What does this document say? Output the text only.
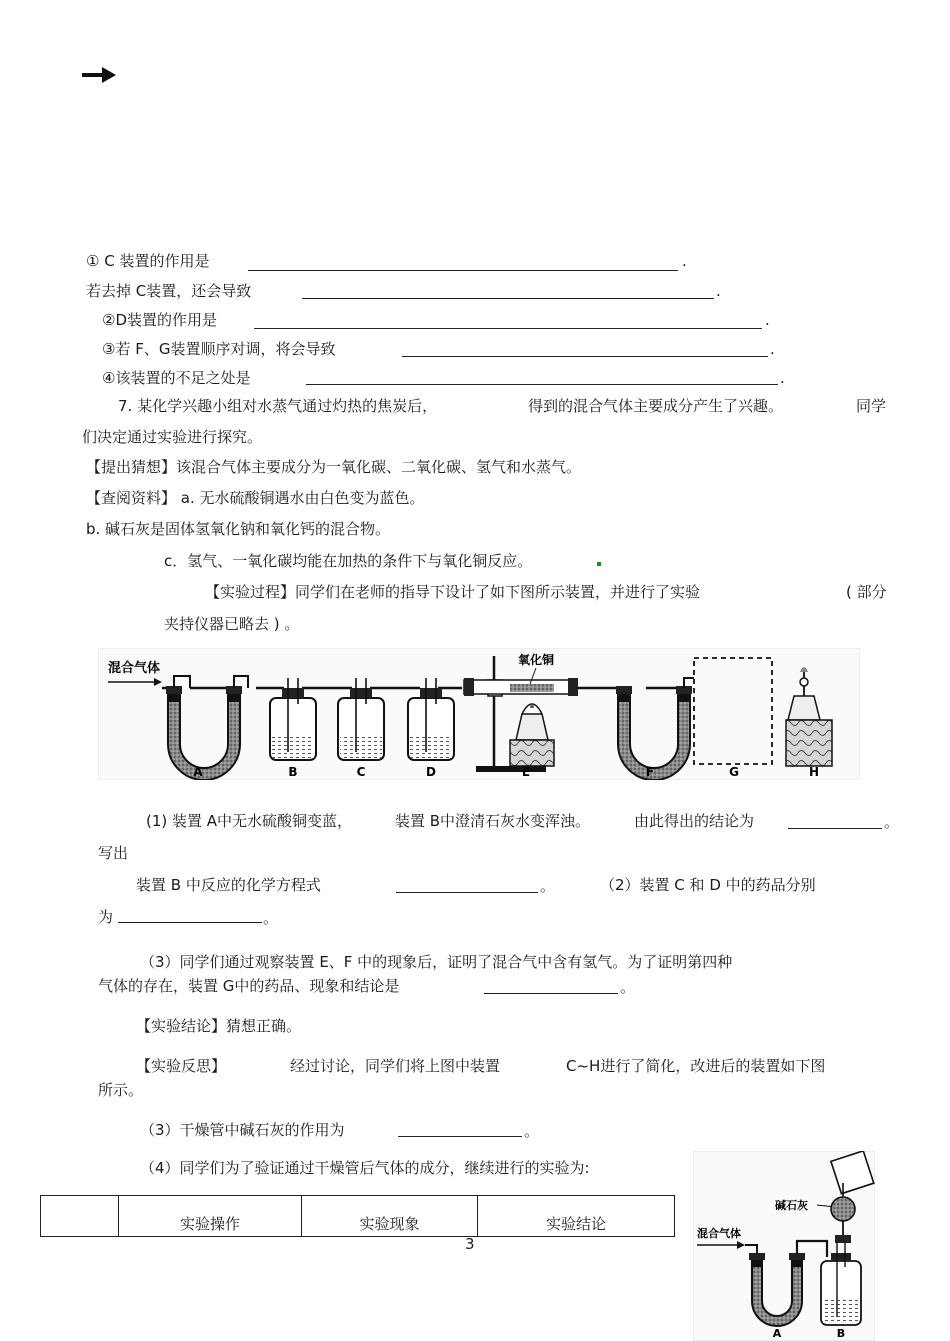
① C 装置的作用是	.
若去掉 C装置，还会导致	.
②D装置的作用是	.
③若 F、G装置顺序对调，将会导致	.
④该装置的不足之处是	.
7. 某化学兴趣小组对水蒸气通过灼热的焦炭后，	得到的混合气体主要成分产生了兴趣。	同学
们决定通过实验进行探究。
【提出猜想】该混合气体主要成分为一氧化碳、二氧化碳、氢气和水蒸气。
【查阅资料】 a. 无水硫酸铜遇水由白色变为蓝色。
b. 碱石灰是固体氢氧化钠和氧化钙的混合物。
c．氢气、一氧化碳均能在加热的条件下与氧化铜反应。
【实验过程】同学们在老师的指导下设计了如下图所示装置，并进行了实验	( 部分
夹持仪器已略去 ) 。
混合气体
氧化铜
A	B	C	D	E	F	G	H
(1) 装置 A中无水硫酸铜变蓝，	装置 B中澄清石灰水变浑浊。	由此得出的结论为	。
写出
装置 B 中反应的化学方程式	。	（2）装置 C 和 D 中的药品分别
为	。
（3）同学们通过观察装置 E、F 中的现象后，证明了混合气中含有氢气。为了证明第四种
气体的存在，装置 G中的药品、现象和结论是	。
【实验结论】猜想正确。
【实验反思】	经过讨论，同学们将上图中装置	C~H进行了简化，改进后的装置如下图
所示。
（3）干燥管中碱石灰的作用为	。
（4）同学们为了验证通过干燥管后气体的成分，继续进行的实验为:
	实验操作	实验现象	实验结论
3
碱石灰
混合气体
A	B
